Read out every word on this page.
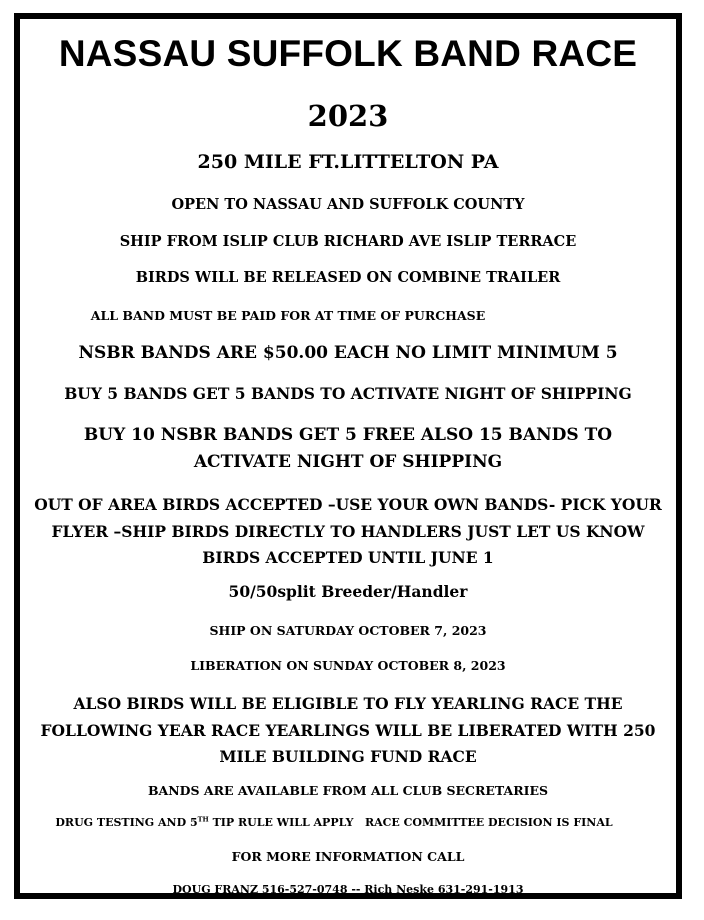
NASSAU SUFFOLK BAND RACE
2023
250 MILE FT.LITTELTON PA
OPEN TO NASSAU AND SUFFOLK COUNTY
SHIP FROM ISLIP CLUB RICHARD AVE ISLIP TERRACE
BIRDS WILL BE RELEASED ON COMBINE TRAILER
ALL BAND MUST BE PAID FOR AT TIME OF PURCHASE
NSBR BANDS ARE $50.00 EACH NO LIMIT MINIMUM 5
BUY 5 BANDS GET 5 BANDS TO ACTIVATE NIGHT OF SHIPPING
BUY 10 NSBR BANDS GET 5 FREE ALSO 15 BANDS TO
ACTIVATE NIGHT OF SHIPPING
OUT OF AREA BIRDS ACCEPTED –USE YOUR OWN BANDS- PICK YOUR
FLYER –SHIP BIRDS DIRECTLY TO HANDLERS JUST LET US KNOW
BIRDS ACCEPTED UNTIL JUNE 1
50/50split Breeder/Handler
SHIP ON SATURDAY OCTOBER 7, 2023
LIBERATION ON SUNDAY OCTOBER 8, 2023
ALSO BIRDS WILL BE ELIGIBLE TO FLY YEARLING RACE THE
FOLLOWING YEAR RACE YEARLINGS WILL BE LIBERATED WITH 250
MILE BUILDING FUND RACE
BANDS ARE AVAILABLE FROM ALL CLUB SECRETARIES
DRUG TESTING AND 5TH TIP RULE WILL APPLY   RACE COMMITTEE DECISION IS FINAL
FOR MORE INFORMATION CALL
DOUG FRANZ 516-527-0748 -- Rich Neske 631-291-1913
